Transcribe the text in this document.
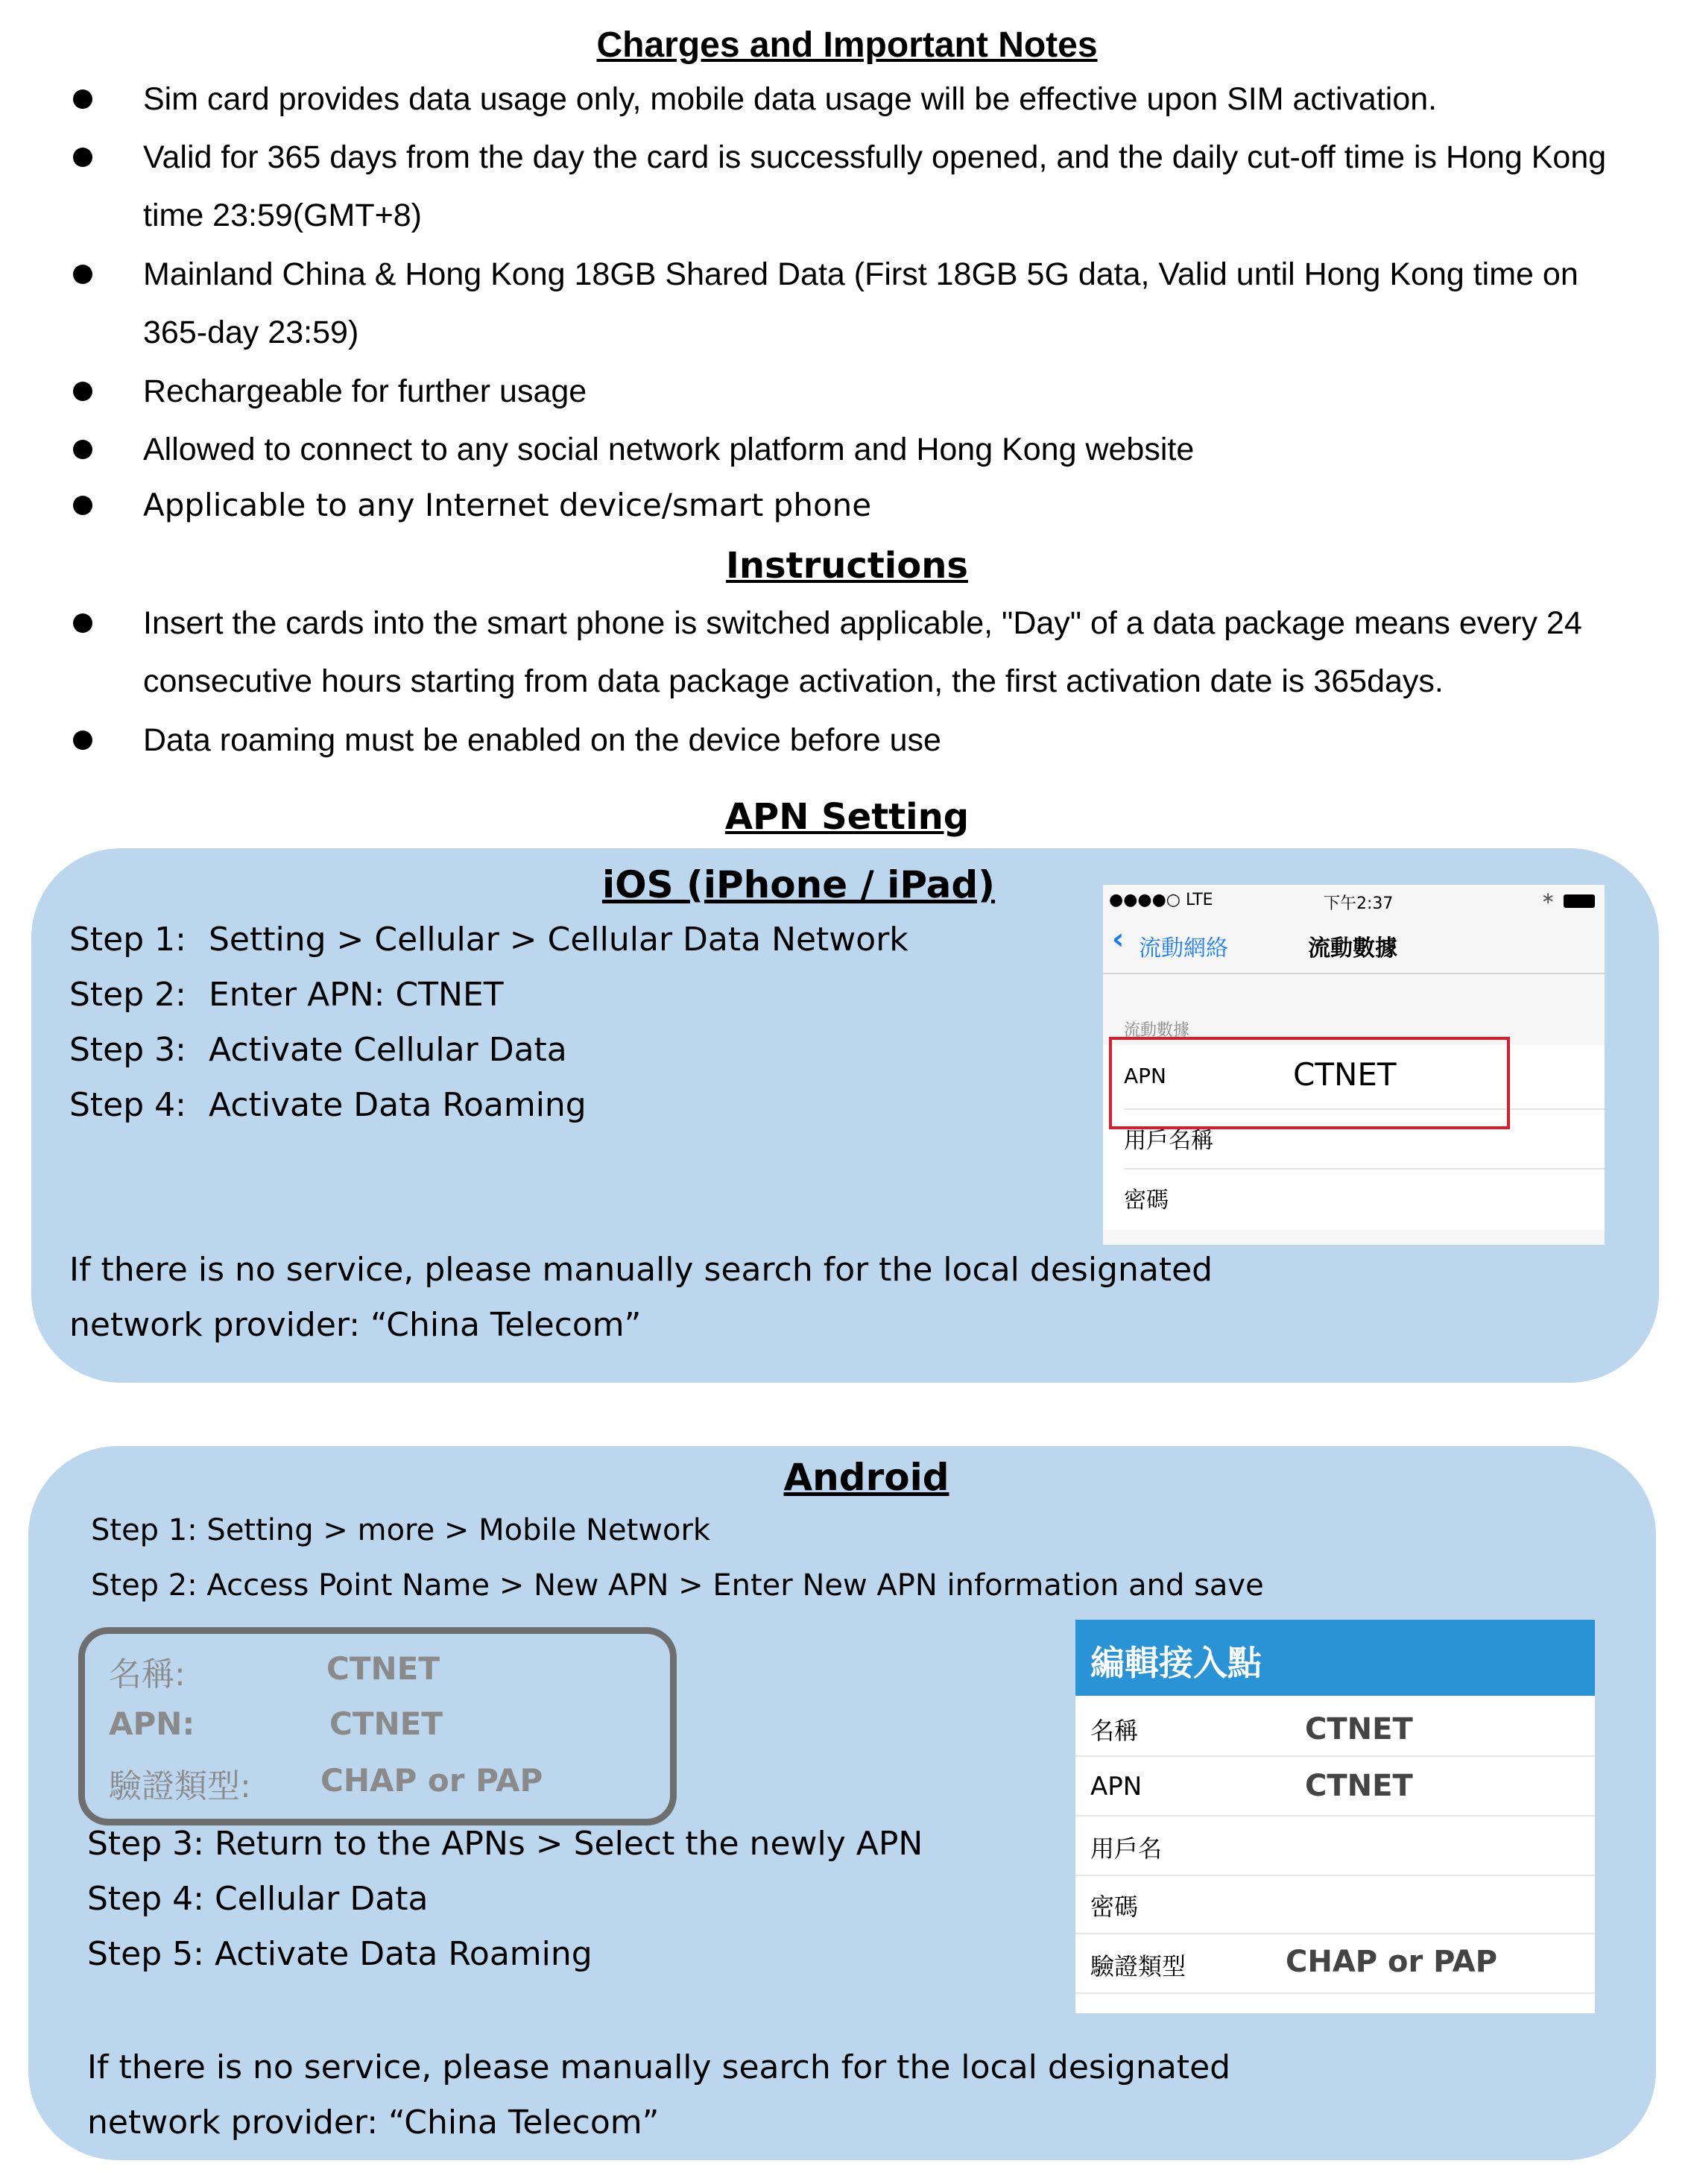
Charges and Important Notes
Sim card provides data usage only, mobile data usage will be effective upon SIM activation.
Valid for 365 days from the day the card is successfully opened, and the daily cut-off time is Hong Kong time 23:59(GMT+8)
Mainland China & Hong Kong 18GB Shared Data (First 18GB 5G data, Valid until Hong Kong time on 365-day 23:59)
Rechargeable for further usage
Allowed to connect to any social network platform and Hong Kong website
Applicable to any Internet device/smart phone
Instructions
Insert the cards into the smart phone is switched applicable, "Day" of a data package means every 24 consecutive hours starting from data package activation, the first activation date is 365days.
Data roaming must be enabled on the device before use
APN Setting
iOS (iPhone / iPad)
Step 1: Setting > Cellular > Cellular Data Network
Step 2: Enter APN: CTNET
Step 3: Activate Cellular Data
Step 4: Activate Data Roaming
If there is no service, please manually search for the local designated
network provider: “China Telecom”
●●●●○ LTE	下午2:37	∗
‹ 流動網絡	流動數據
流動數據
APN	CTNET
用戶名稱
密碼
Android
Step 1: Setting > more > Mobile Network
Step 2: Access Point Name > New APN > Enter New APN information and save
名稱:	CTNET
APN:	CTNET
驗證類型: CHAP or PAP
Step 3: Return to the APNs > Select the newly APN
Step 4: Cellular Data
Step 5: Activate Data Roaming
If there is no service, please manually search for the local designated
network provider: “China Telecom”
編輯接入點
名稱	CTNET
APN	CTNET
用戶名
密碼
驗證類型	CHAP or PAP
